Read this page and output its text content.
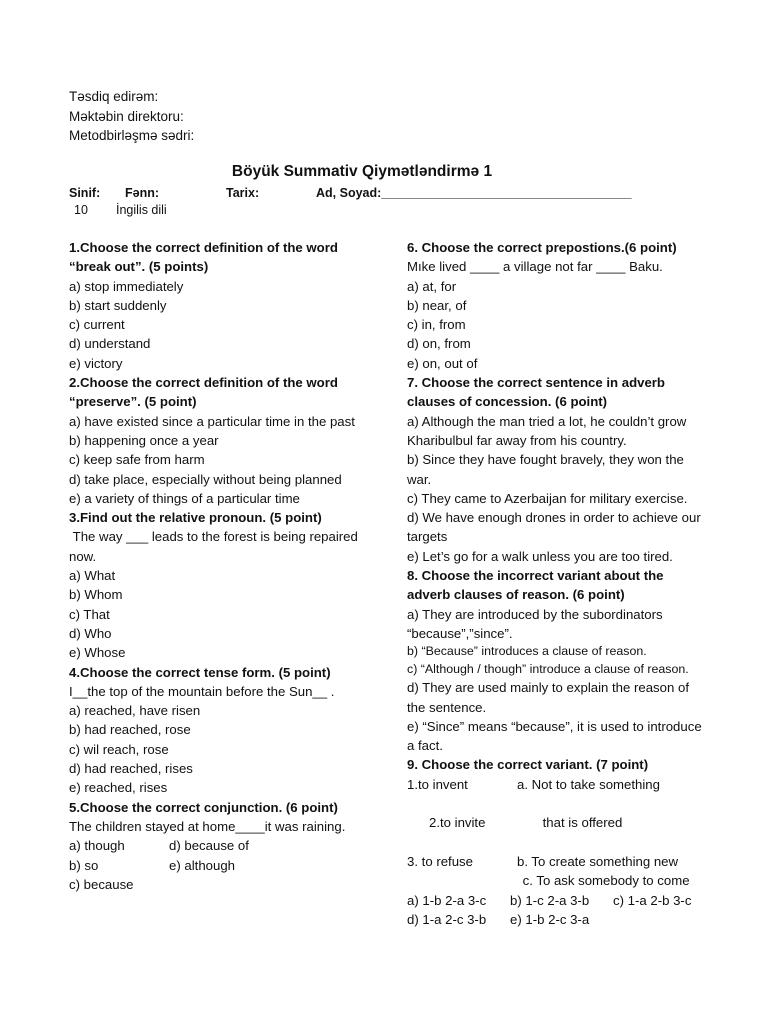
Təsdiq edirəm:
Məktəbin direktoru:
Metodbirləşmə sədri:
Böyük Summativ Qiymətləndirmə 1
Sinif: Fənn:	Tarix:	Ad, Soyad:____________________________________
10 İngilis dili

1.Choose the correct definition of the word “break out”. (5 points)

a) stop immediately

b) start suddenly

c) current

d) understand

e) victory

2.Choose the correct definition of the word “preserve”. (5 point)

a) have existed since a particular time in the past

b) happening once a year

c) keep safe from harm

d) take place, especially without being planned

e) a variety of things of a particular time

3.Find out the relative pronoun. (5 point)

The way ___ leads to the forest is being repaired now.

a) What

b) Whom

c) That

d) Who

e) Whose

4.Choose the correct tense form. (5 point)

I__the top of the mountain before the Sun__ .

a) reached, have risen

b) had reached, rose

c) wil reach, rose

d) had reached, rises

e) reached, rises

5.Choose the correct conjunction. (6 point)

The children stayed at home____it was raining.

a) though	d) because of

b) so	e) although

c) because

6. Choose the correct prepostions.(6 point)

Mıke lived ____ a village not far ____ Baku.

a) at, for

b) near, of

c) in, from

d) on, from

e) on, out of

7. Choose the correct sentence in adverb clauses of concession. (6 point)

a) Although the man tried a lot, he couldn’t grow Kharibulbul far away from his country.

b) Since they have fought bravely, they won the war.

c) They came to Azerbaijan for military exercise.

d) We have enough drones in order to achieve our targets

e) Let’s go for a walk unless you are too tired.

8. Choose the incorrect variant about the adverb clauses of reason. (6 point)

a) They are introduced by the subordinators “because”,”since”.

b) “Because” introduces a clause of reason.

c) “Although / though” introduce a clause of reason.

d) They are used mainly to explain the reason of the sentence.

e) “Since” means “because”, it is used to introduce a fact.

9. Choose the correct variant. (7 point)

1.to invent	a. Not to take something

2.to invite	that is offered

3. to refuse	b. To create something new

c. To ask somebody to come

a) 1-b 2-a 3-c b) 1-c 2-a 3-b c) 1-a 2-b 3-c

d) 1-a 2-c 3-b e) 1-b 2-c 3-a
